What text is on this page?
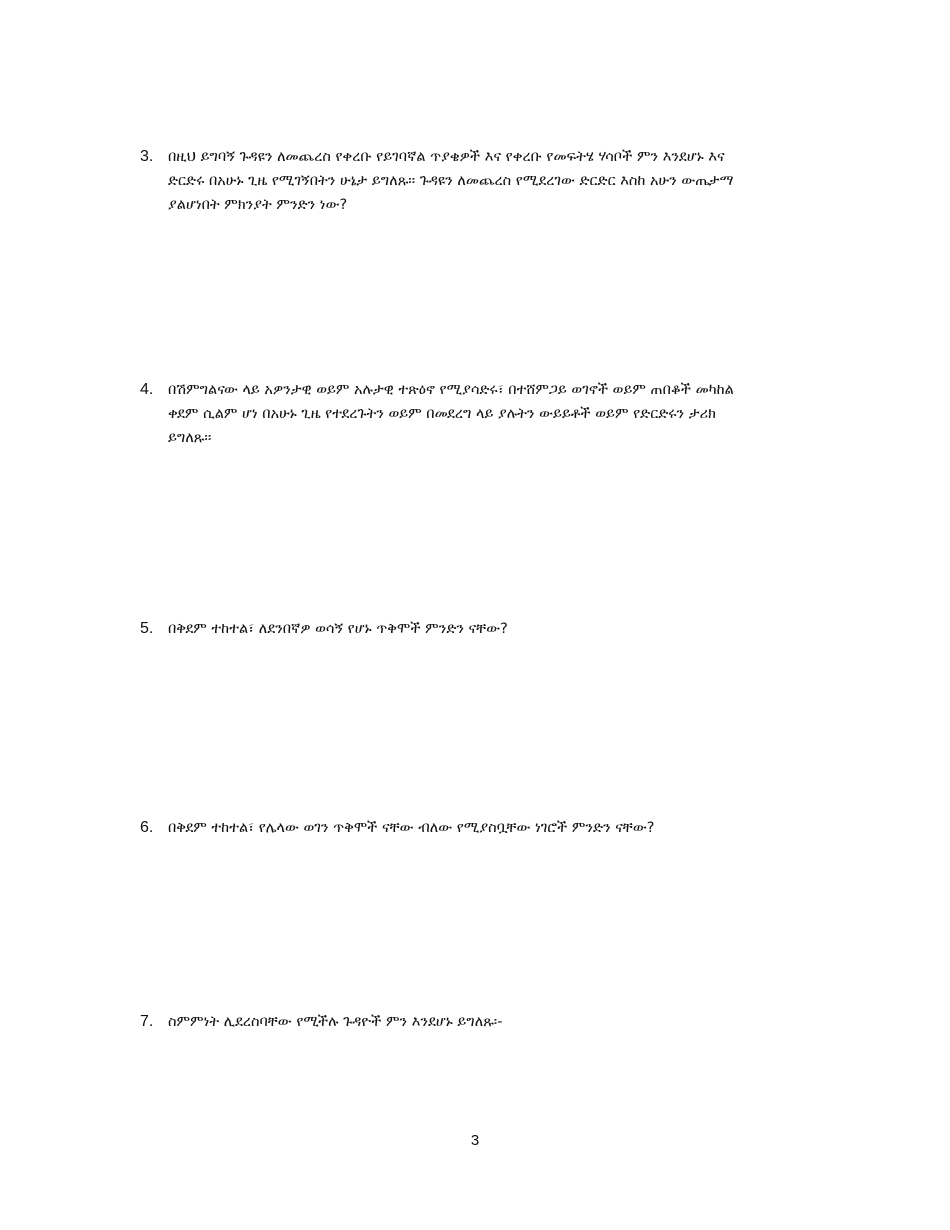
3. በዚህ ይግባኝ ጉዳዩን ለመጨረስ የቀረቡ የይገባኛል ጥያቄዎች እና የቀረቡ የመፍትሄ ሃሳቦች ምን እንደሆኑ እና
ድርድሩ በአሁኑ ጊዜ የሚገኝበትን ሁኔታ ይግለጹ፡፡ ጉዳዩን ለመጨረስ የሚደረገው ድርድር እስከ አሁን ውጤታማ
ያልሆነበት ምክንያት ምንድን ነው?
4. በሽምግልናው ላይ አዎንታዊ ወይም አሉታዊ ተጽዕኖ የሚያሳድሩ፣ በተሸምጋይ ወገኖች ወይም ጠበቆች መካከል
ቀደም ሲልም ሆነ በአሁኑ ጊዜ የተደረጉትን ወይም በመደረግ ላይ ያሉትን ውይይቶች ወይም የድርድሩን ታሪክ
ይግለጹ፡፡
5. በቅደም ተከተል፣ ለደንበኛዎ ወሳኝ የሆኑ ጥቅሞች ምንድን ናቸው?
6. በቅደም ተከተል፣ የሌላው ወገን ጥቅሞች ናቸው ብለው የሚያስቧቸው ነገሮች ምንድን ናቸው?
7. ስምምነት ሊደረስባቸው የሚችሉ ጉዳዮች ምን እንደሆኑ ይግለጹ፡-
3
